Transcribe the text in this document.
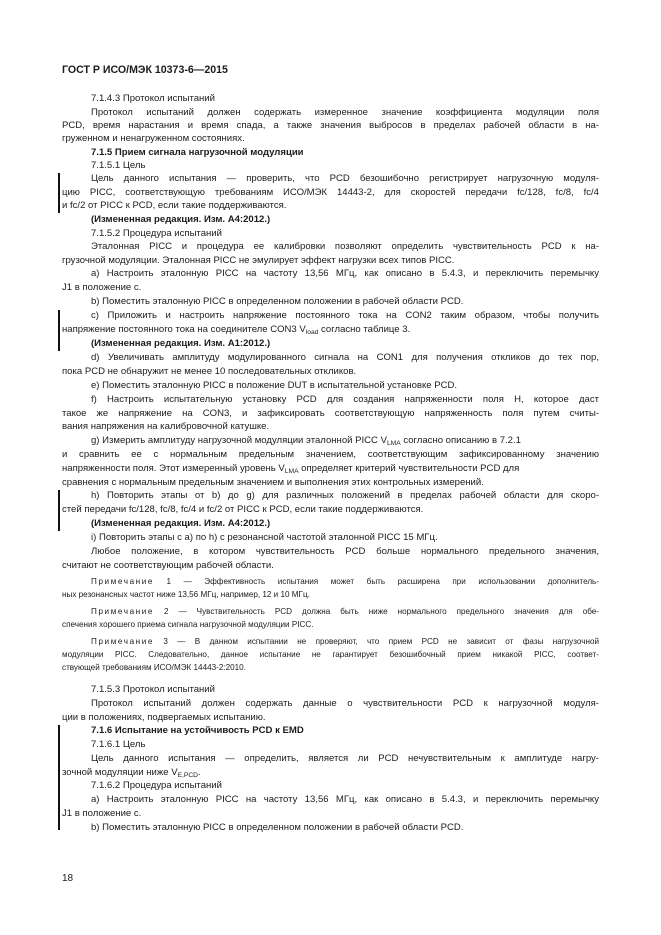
ГОСТ Р ИСО/МЭК 10373-6—2015
7.1.4.3 Протокол испытаний
Протокол испытаний должен содержать измеренное значение коэффициента модуляции поля
PCD, время нарастания и время спада, а также значения выбросов в пределах рабочей области в на-
груженном и ненагруженном состояниях.
7.1.5 Прием сигнала нагрузочной модуляции
7.1.5.1 Цель
Цель данного испытания — проверить, что PCD безошибочно регистрирует нагрузочную модуля-
цию PICC, соответствующую требованиям ИСО/МЭК 14443-2, для скоростей передачи fc/128, fc/8, fc/4
и fc/2 от PICC к PCD, если такие поддерживаются.
(Измененная редакция. Изм. А4:2012.)
7.1.5.2 Процедура испытаний
Эталонная PICC и процедура ее калибровки позволяют определить чувствительность PCD к на-
грузочной модуляции. Эталонная PICC не эмулирует эффект нагрузки всех типов PICC.
a) Настроить эталонную PICC на частоту 13,56 МГц, как описано в 5.4.3, и переключить перемычку
J1 в положение с.
b) Поместить эталонную PICC в определенном положении в рабочей области PCD.
c) Приложить и настроить напряжение постоянного тока на CON2 таким образом, чтобы получить
напряжение постоянного тока на соединителе CON3 $V_{load}$ согласно таблице 3.
(Измененная редакция. Изм. А1:2012.)
d) Увеличивать амплитуду модулированного сигнала на CON1 для получения откликов до тех пор,
пока PCD не обнаружит не менее 10 последовательных откликов.
e) Поместить эталонную PICC в положение DUT в испытательной установке PCD.
f) Настроить испытательную установку PCD для создания напряженности поля H, которое даст
такое же напряжение на CON3, и зафиксировать соответствующую напряженность поля путем считы-
вания напряжения на калибровочной катушке.
g) Измерить амплитуду нагрузочной модуляции эталонной PICC $V_{LMA}$ согласно описанию в 7.2.1
и сравнить ее с нормальным предельным значением, соответствующим зафиксированному значению
напряженности поля. Этот измеренный уровень $V_{LMA}$ определяет критерий чувствительности PCD для
сравнения с нормальным предельным значением и выполнения этих контрольных измерений.
h) Повторить этапы от b) до g) для различных положений в пределах рабочей области для скоро-
стей передачи fc/128, fc/8, fc/4 и fc/2 от PICC к PCD, если такие поддерживаются.
(Измененная редакция. Изм. А4:2012.)
i) Повторить этапы с a) по h) с резонансной частотой эталонной PICC 15 МГц.
Любое положение, в котором чувствительность PCD больше нормального предельного значения,
считают не соответствующим рабочей области.
Примечание 1 — Эффективность испытания может быть расширена при использовании дополнитель-
ных резонансных частот ниже 13,56 МГц, например, 12 и 10 МГц.
Примечание 2 — Чувствительность PCD должна быть ниже нормального предельного значения для обе-
спечения хорошего приема сигнала нагрузочной модуляции PICC.
Примечание 3 — В данном испытании не проверяют, что прием PCD не зависит от фазы нагрузочной
модуляции PICC. Следовательно, данное испытание не гарантирует безошибочный прием никакой PICC, соответ-
ствующей требованиям ИСО/МЭК 14443-2:2010.
7.1.5.3 Протокол испытаний
Протокол испытаний должен содержать данные о чувствительности PCD к нагрузочной модуля-
ции в положениях, подвергаемых испытанию.
7.1.6 Испытание на устойчивость PCD к EMD
7.1.6.1 Цель
Цель данного испытания — определить, является ли PCD нечувствительным к амплитуде нагру-
зочной модуляции ниже $V_{E,PCD}$.
7.1.6.2 Процедура испытаний
a) Настроить эталонную PICC на частоту 13,56 МГц, как описано в 5.4.3, и переключить перемычку
J1 в положение с.
b) Поместить эталонную PICC в определенном положении в рабочей области PCD.
18
